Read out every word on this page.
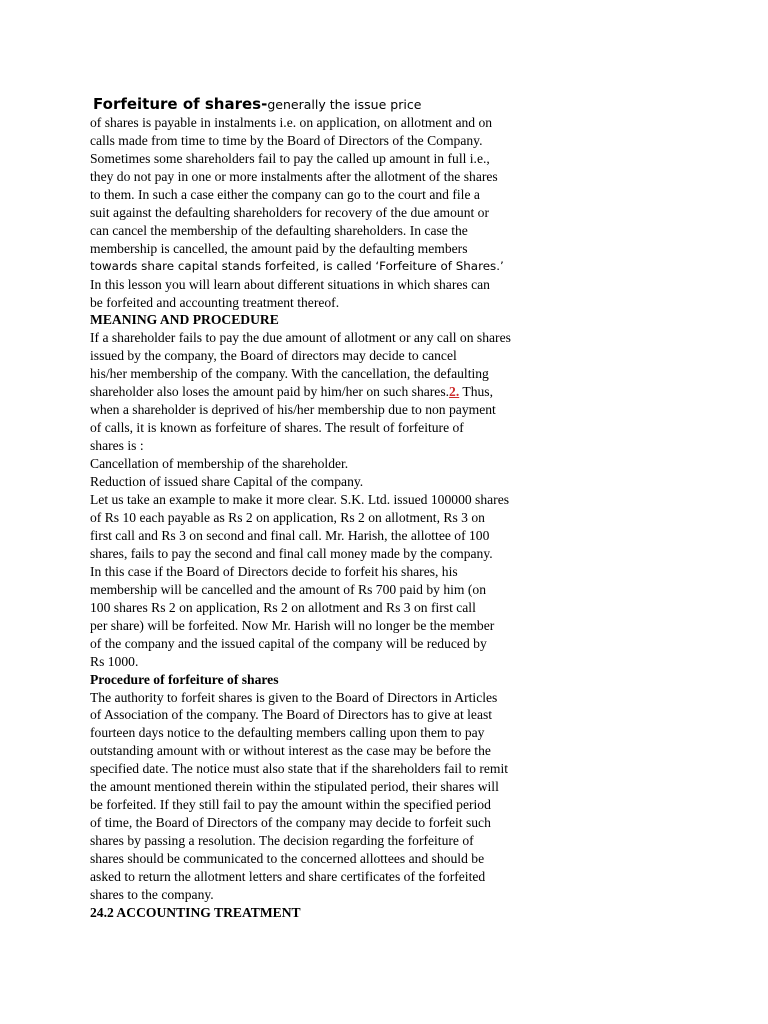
Forfeiture of shares-generally the issue price
of shares is payable in instalments i.e. on application, on allotment and on
calls made from time to time by the Board of Directors of the Company.
Sometimes some shareholders fail to pay the called up amount in full i.e.,
they do not pay in one or more instalments after the allotment of the shares
to them. In such a case either the company can go to the court and file a
suit against the defaulting shareholders for recovery of the due amount or
can cancel the membership of the defaulting shareholders. In case the
membership is cancelled, the amount paid by the defaulting members
towards share capital stands forfeited, is called ‘Forfeiture of Shares.’
In this lesson you will learn about different situations in which shares can
be forfeited and accounting treatment thereof.
MEANING AND PROCEDURE
If a shareholder fails to pay the due amount of allotment or any call on shares
issued by the company, the Board of directors may decide to cancel
his/her membership of the company. With the cancellation, the defaulting
shareholder also loses the amount paid by him/her on such shares.2. Thus,
when a shareholder is deprived of his/her membership due to non payment
of calls, it is known as forfeiture of shares. The result of forfeiture of
shares is :
Cancellation of membership of the shareholder.
Reduction of issued share Capital of the company.
Let us take an example to make it more clear. S.K. Ltd. issued 100000 shares
of Rs 10 each payable as Rs 2 on application, Rs 2 on allotment, Rs 3 on
first call and Rs 3 on second and final call. Mr. Harish, the allottee of 100
shares, fails to pay the second and final call money made by the company.
In this case if the Board of Directors decide to forfeit his shares, his
membership will be cancelled and the amount of Rs 700 paid by him (on
100 shares Rs 2 on application, Rs 2 on allotment and Rs 3 on first call
per share) will be forfeited. Now Mr. Harish will no longer be the member
of the company and the issued capital of the company will be reduced by
Rs 1000.
Procedure of forfeiture of shares
The authority to forfeit shares is given to the Board of Directors in Articles
of Association of the company. The Board of Directors has to give at least
fourteen days notice to the defaulting members calling upon them to pay
outstanding amount with or without interest as the case may be before the
specified date. The notice must also state that if the shareholders fail to remit
the amount mentioned therein within the stipulated period, their shares will
be forfeited. If they still fail to pay the amount within the specified period
of time, the Board of Directors of the company may decide to forfeit such
shares by passing a resolution. The decision regarding the forfeiture of
shares should be communicated to the concerned allottees and should be
asked to return the allotment letters and share certificates of the forfeited
shares to the company.
24.2 ACCOUNTING TREATMENT
